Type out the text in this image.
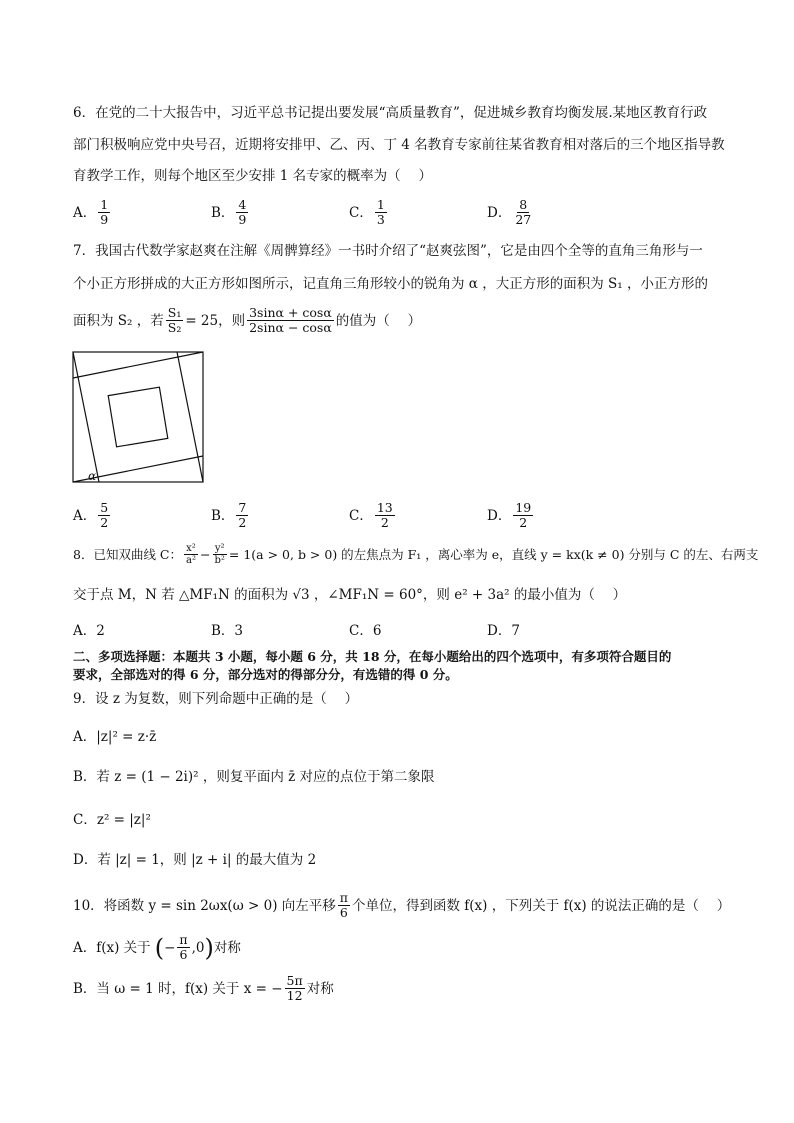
6．在党的二十大报告中，习近平总书记提出要发展“高质量教育”，促进城乡教育均衡发展.某地区教育行政
部门积极响应党中央号召，近期将安排甲、乙、丙、丁 4 名教育专家前往某省教育相对落后的三个地区指导教
育教学工作，则每个地区至少安排 1 名专家的概率为（　 ）
A． $\frac{1}{9}$	B． $\frac{4}{9}$	C． $\frac{1}{3}$	D． $\frac{8}{27}$
7．我国古代数学家赵爽在注解《周髀算经》一书时介绍了“赵爽弦图”，它是由四个全等的直角三角形与一
个小正方形拼成的大正方形如图所示，记直角三角形较小的锐角为 α ，大正方形的面积为 S₁ ，小正方形的
面积为 S₂ ，若 $\frac{\text{S₁}}{\text{S₂}} = 25$，则 $\frac{3\sin\alpha + \cos\alpha}{2\sin\alpha - \cos\alpha}$ 的值为（　 ）
α
A． $\frac{5}{2}$	B． $\frac{7}{2}$	C． $\frac{13}{2}$	D． $\frac{19}{2}$
8．已知双曲线 C： $\frac{\text{x²}}{\text{a²}} - \frac{\text{y²}}{\text{b²}} = 1(a > 0$, b > 0) 的左焦点为 F₁ ，离心率为 e，直线 y = kx(k ≠ 0) 分别与 C 的左、右两支
交于点 M，N 若 △MF₁N 的面积为 √3 ，∠MF₁N = 60°，则 e² + 3a² 的最小值为（　 ）
A．2	B．3	C．6	D．7
二、多项选择题：本题共 3 小题，每小题 6 分，共 18 分，在每小题给出的四个选项中，有多项符合题目的
要求，全部选对的得 6 分，部分选对的得部分分，有选错的得 0 分。
9．设 z 为复数，则下列命题中正确的是（　 ）
A．|z|² = z·z̄
B．若 z = (1 − 2i)² ，则复平面内 z̄ 对应的点位于第二象限
C．z² = |z|²
D．若 |z| = 1，则 |z + i| 的最大值为 2
10．将函数 y = sin 2ωx(ω > 0) 向左平移 $\frac{\pi}{6}$ 个单位，得到函数 f(x) ，下列关于 f(x) 的说法正确的是（　 ）
A．f(x) 关于 ( − $\frac{\pi}{6} ,0$ ) 对称
B．当 ω = 1 时，f(x) 关于 x = − $\frac{5\pi}{12}$ 对称
